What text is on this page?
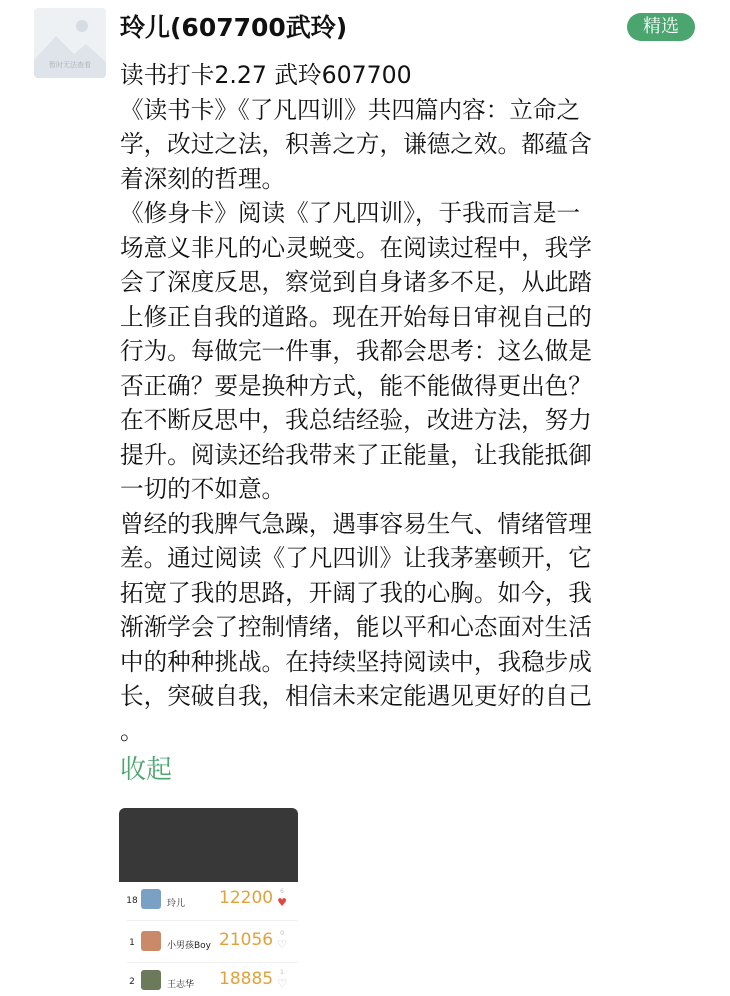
暂时无法查看
玲儿(607700武玲)	精选

读书打卡2.27 武玲607700

《读书卡》《了凡四训》共四篇内容：立命之

学，改过之法，积善之方，谦德之效。都蕴含

着深刻的哲理。

《修身卡》阅读《了凡四训》，于我而言是一

场意义非凡的心灵蜕变。在阅读过程中，我学

会了深度反思，察觉到自身诸多不足，从此踏

上修正自我的道路。现在开始每日审视自己的

行为。每做完一件事，我都会思考：这么做是

否正确？要是换种方式，能不能做得更出色？

在不断反思中，我总结经验，改进方法，努力

提升。阅读还给我带来了正能量，让我能抵御

一切的不如意。

曾经的我脾气急躁，遇事容易生气、情绪管理

差。通过阅读《了凡四训》让我茅塞顿开，它

拓宽了我的思路，开阔了我的心胸。如今，我

渐渐学会了控制情绪，能以平和心态面对生活

中的种种挑战。在持续坚持阅读中，我稳步成

长，突破自我，相信未来定能遇见更好的自己

。

收起
18	玲儿 12200	6
♥
1	小男孩Boy 21056	0
♡
2	王志华 18885	1
♡
